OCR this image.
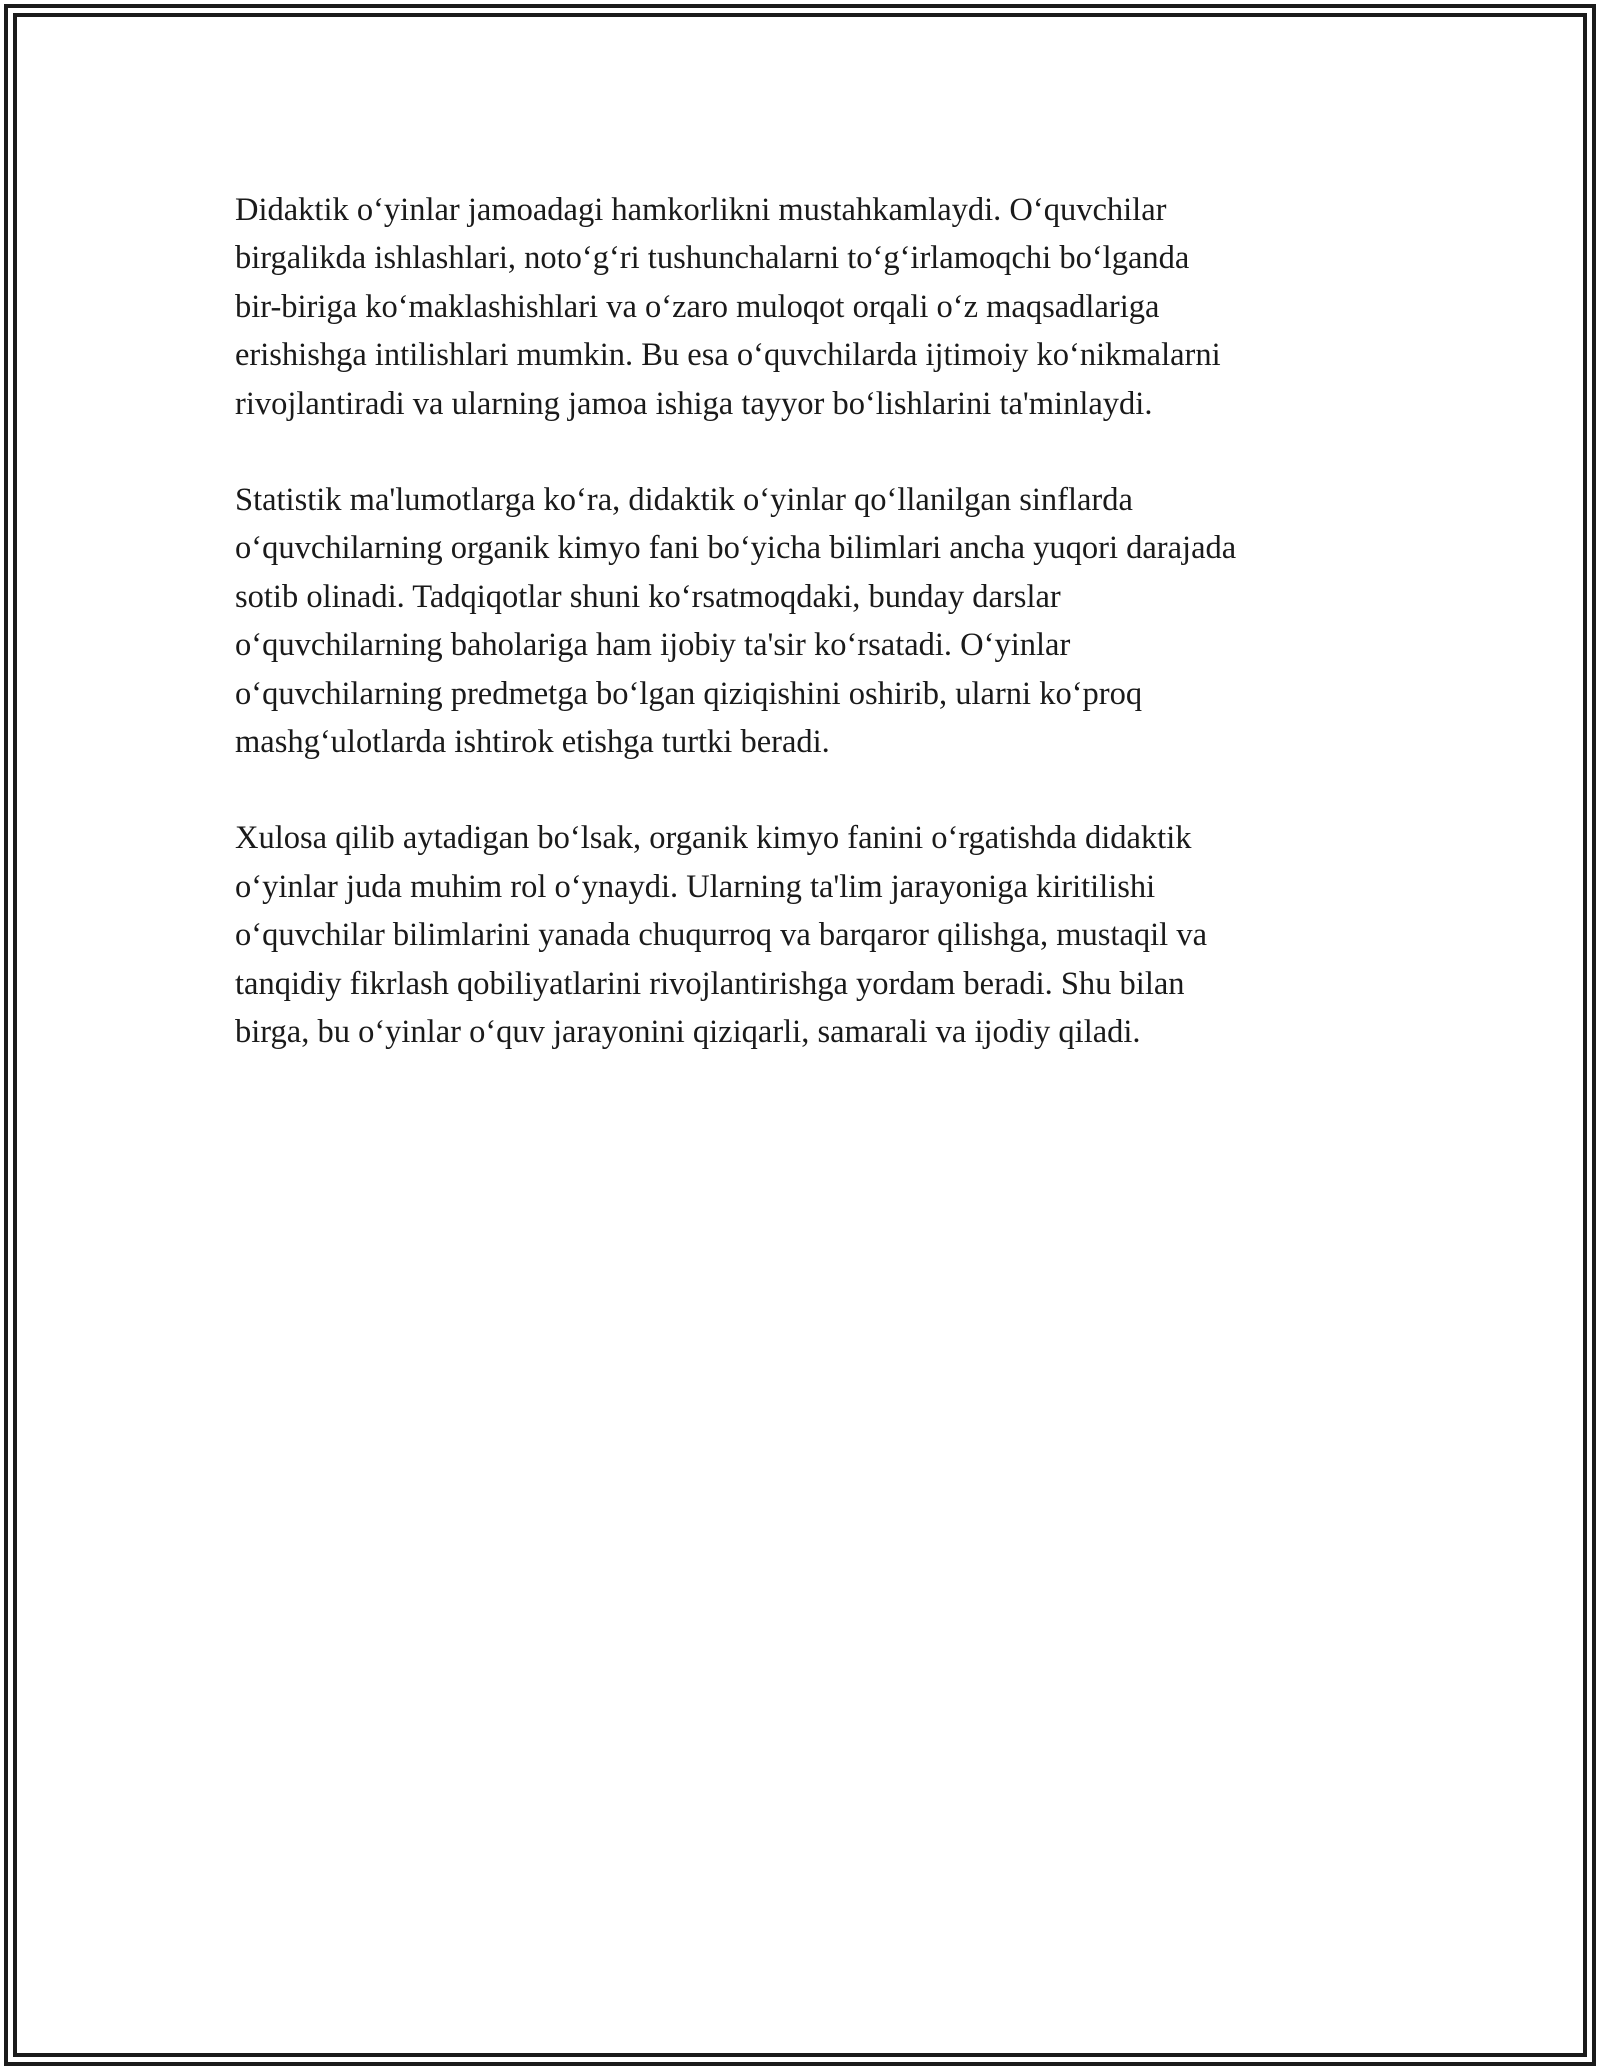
Didaktik o‘yinlar jamoadagi hamkorlikni mustahkamlaydi. O‘quvchilar
birgalikda ishlashlari, noto‘g‘ri tushunchalarni to‘g‘irlamoqchi bo‘lganda
bir-biriga ko‘maklashishlari va o‘zaro muloqot orqali o‘z maqsadlariga
erishishga intilishlari mumkin. Bu esa o‘quvchilarda ijtimoiy ko‘nikmalarni
rivojlantiradi va ularning jamoa ishiga tayyor bo‘lishlarini ta'minlaydi.

Statistik ma'lumotlarga ko‘ra, didaktik o‘yinlar qo‘llanilgan sinflarda
o‘quvchilarning organik kimyo fani bo‘yicha bilimlari ancha yuqori darajada
sotib olinadi. Tadqiqotlar shuni ko‘rsatmoqdaki, bunday darslar
o‘quvchilarning baholariga ham ijobiy ta'sir ko‘rsatadi. O‘yinlar
o‘quvchilarning predmetga bo‘lgan qiziqishini oshirib, ularni ko‘proq
mashg‘ulotlarda ishtirok etishga turtki beradi.

Xulosa qilib aytadigan bo‘lsak, organik kimyo fanini o‘rgatishda didaktik
o‘yinlar juda muhim rol o‘ynaydi. Ularning ta'lim jarayoniga kiritilishi
o‘quvchilar bilimlarini yanada chuqurroq va barqaror qilishga, mustaqil va
tanqidiy fikrlash qobiliyatlarini rivojlantirishga yordam beradi. Shu bilan
birga, bu o‘yinlar o‘quv jarayonini qiziqarli, samarali va ijodiy qiladi.
